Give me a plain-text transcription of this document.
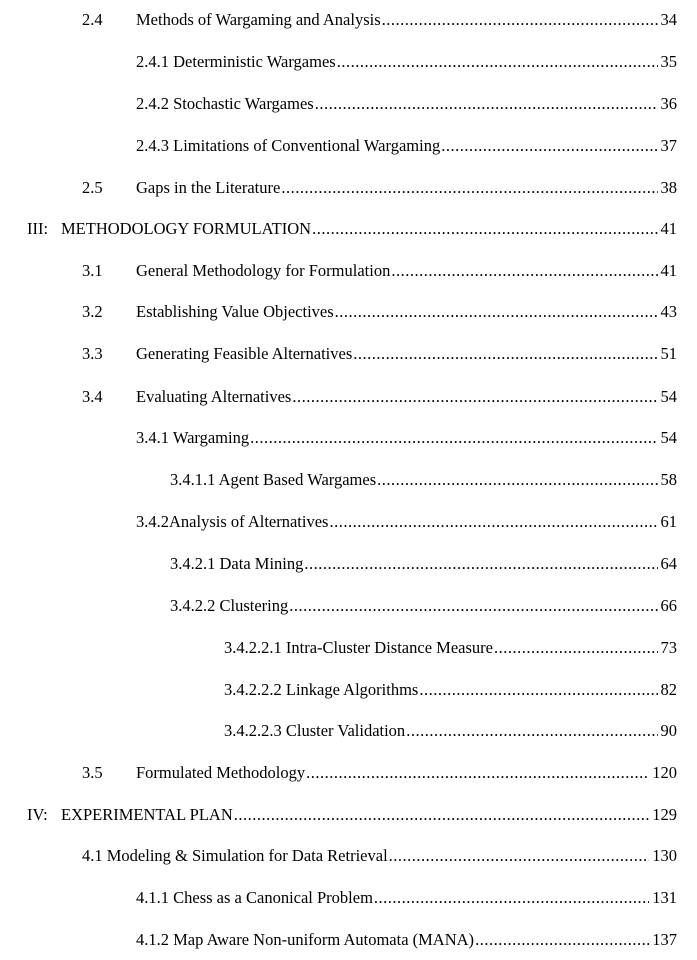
2.4	Methods of Wargaming and Analysis .....	34
2.4.1 Deterministic Wargames .....	35
2.4.2 Stochastic Wargames .....	36
2.4.3 Limitations of Conventional Wargaming .....	37
2.5	Gaps in the Literature .....	38
III: METHODOLOGY FORMULATION .....	41
3.1	General Methodology for Formulation .....	41
3.2	Establishing Value Objectives .....	43
3.3	Generating Feasible Alternatives .....	51
3.4	Evaluating Alternatives .....	54
3.4.1 Wargaming .....	54
3.4.1.1 Agent Based Wargames .....	58
3.4.2Analysis of Alternatives .....	61
3.4.2.1 Data Mining .....	64
3.4.2.2 Clustering .....	66
3.4.2.2.1 Intra-Cluster Distance Measure .....	73
3.4.2.2.2 Linkage Algorithms .....	82
3.4.2.2.3 Cluster Validation .....	90
3.5	Formulated Methodology .....	120
IV: EXPERIMENTAL PLAN .....	129
4.1 Modeling & Simulation for Data Retrieval .....	130
4.1.1 Chess as a Canonical Problem .....	131
4.1.2 Map Aware Non-uniform Automata (MANA) .....	137
